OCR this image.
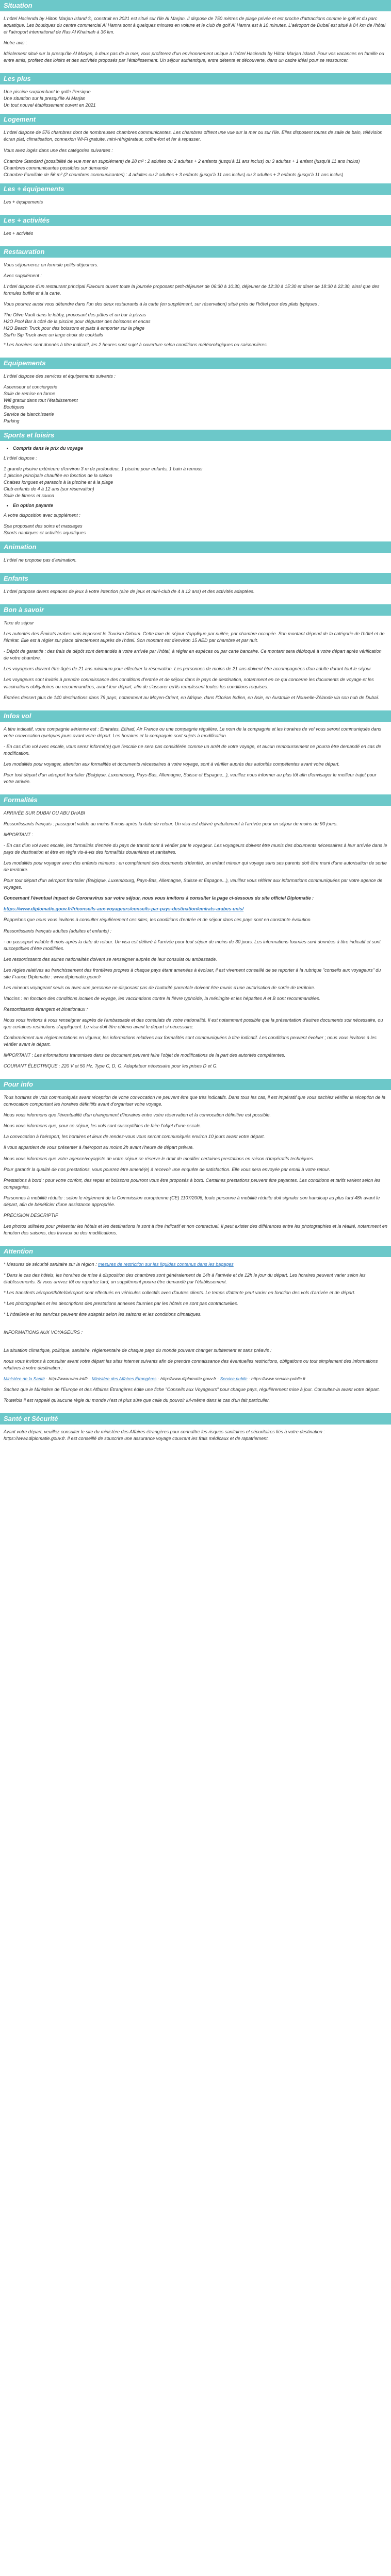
Situation

L'hôtel Hacienda by Hilton Marjan Island ®, construit en 2021 est situé sur l'île Al Marjan. Il dispose de 750 mètres de plage privée et est proche d'attractions comme le golf et du parc aquatique. Les boutiques du centre commercial Al Hamra sont à quelques minutes en voiture et le club de golf Al Hamra est à 10 minutes. L'aéroport de Dubaï est situé à 84 km de l'hôtel et l'aéroport international de Ras Al Khaimah à 36 km.

Notre avis :

Idéalement situé sur la presqu'île Al Marjan, à deux pas de la mer, vous profiterez d'un environnement unique à l'hôtel Hacienda by Hilton Marjan Island. Pour vos vacances en famille ou entre amis, profitez des loisirs et des activités proposés par l'établissement. Un séjour authentique, entre détente et découverte, dans un cadre idéal pour se ressourcer.

Les plus
Une piscine surplombant le golfe Persique
Une situation sur la presqu'île Al Marjan
Un tout nouvel établissement ouvert en 2021
Logement

L'hôtel dispose de 576 chambres dont de nombreuses chambres communicantes. Les chambres offrent une vue sur la mer ou sur l'île. Elles disposent toutes de salle de bain, télévision écran plat, climatisation, connexion Wi-Fi gratuite, mini-réfrigérateur, coffre-fort et fer à repasser.

Vous avez logés dans une des catégories suivantes :

Chambre Standard (possibilité de vue mer en supplément) de 28 m² : 2 adultes ou 2 adultes + 2 enfants (jusqu'à 11 ans inclus) ou 3 adultes + 1 enfant (jusqu'à 11 ans inclus)
Chambres communicantes possibles sur demande
Chambre Familiale de 56 m² (2 chambres communicantes) : 4 adultes ou 2 adultes + 3 enfants (jusqu'à 11 ans inclus) ou 3 adultes + 2 enfants (jusqu'à 11 ans inclus)
Les + équipements

Les + équipements

Les + activités

Les + activités

Restauration

Vous séjournerez en formule petits-déjeuners.

Avec supplément :

L'hôtel dispose d'un restaurant principal Flavours ouvert toute la journée proposant petit-déjeuner de 06:30 à 10:30, déjeuner de 12:30 à 15:30 et dîner de 18:30 à 22:30, ainsi que des formules buffet et à la carte.

Vous pourrez aussi vous détendre dans l'un des deux restaurants à la carte (en supplément, sur réservation) situé près de l'hôtel pour des plats typiques :

The Olive Vault dans le lobby, proposant des pâtes et un bar à pizzas
H2O Pool Bar à côté de la piscine pour déguster des boissons et encas
H2O Beach Truck pour des boissons et plats à emporter sur la plage
Surf'n Sip Truck avec un large choix de cocktails

* Les horaires sont donnés à titre indicatif, les 2 heures sont sujet à ouverture selon conditions météorologiques ou saisonnières.

Equipements

L'hôtel dispose des services et équipements suivants :

Ascenseur et conciergerie
Salle de remise en forme
Wifi gratuit dans tout l'établissement
Boutiques
Service de blanchisserie
Parking
Sports et loisirs
• Compris dans le prix du voyage

L'hôtel dispose :

1 grande piscine extérieure d'environ 3 m de profondeur, 1 piscine pour enfants, 1 bain à remous
1 piscine principale chauffée en fonction de la saison
Chaises longues et parasols à la piscine et à la plage
Club enfants de 4 à 12 ans (sur réservation)
Salle de fitness et sauna
• En option payante

A votre disposition avec supplément :

Spa proposant des soins et massages
Sports nautiques et activités aquatiques
Animation

L'hôtel ne propose pas d'animation.

Enfants

L'hôtel propose divers espaces de jeux à votre intention (aire de jeux et mini-club de 4 à 12 ans) et des activités adaptées.

Bon à savoir

Taxe de séjour

Les autorités des Émirats arabes unis imposent le Tourism Dirham. Cette taxe de séjour s'applique par nuitée, par chambre occupée. Son montant dépend de la catégorie de l'hôtel et de l'émirat. Elle est à régler sur place directement auprès de l'hôtel. Son montant est d'environ 15 AED par chambre et par nuit.

- Dépôt de garantie : des frais de dépôt sont demandés à votre arrivée par l'hôtel, à régler en espèces ou par carte bancaire. Ce montant sera débloqué à votre départ après vérification de votre chambre.

Les voyageurs doivent être âgés de 21 ans minimum pour effectuer la réservation. Les personnes de moins de 21 ans doivent être accompagnées d'un adulte durant tout le séjour.

Les voyageurs sont invités à prendre connaissance des conditions d'entrée et de séjour dans le pays de destination, notamment en ce qui concerne les documents de voyage et les vaccinations obligatoires ou recommandées, avant leur départ, afin de s'assurer qu'ils remplissent toutes les conditions requises.

Entrées dessert plus de 140 destinations dans 79 pays, notamment au Moyen-Orient, en Afrique, dans l'Océan Indien, en Asie, en Australie et Nouvelle-Zélande via son hub de Dubaï.

Infos vol

A titre indicatif, votre compagnie aérienne est : Emirates, Etihad, Air France ou une compagnie régulière. Le nom de la compagnie et les horaires de vol vous seront communiqués dans votre convocation quelques jours avant votre départ. Les horaires et la compagnie sont sujets à modification.

- En cas d'un vol avec escale, vous serez informé(e) que l'escale ne sera pas considérée comme un arrêt de votre voyage, et aucun remboursement ne pourra être demandé en cas de modification.

Les modalités pour voyager, attention aux formalités et documents nécessaires à votre voyage, sont à vérifier auprès des autorités compétentes avant votre départ.

Pour tout départ d'un aéroport frontalier (Belgique, Luxembourg, Pays-Bas, Allemagne, Suisse et Espagne...), veuillez nous informer au plus tôt afin d'envisager le meilleur trajet pour votre arrivée.

Formalités

ARRIVÉE SUR DUBAI OU ABU DHABI

Ressortissants français : passeport valide au moins 6 mois après la date de retour. Un visa est délivré gratuitement à l'arrivée pour un séjour de moins de 90 jours.

IMPORTANT :

- En cas d'un vol avec escale, les formalités d'entrée du pays de transit sont à vérifier par le voyageur. Les voyageurs doivent être munis des documents nécessaires à leur arrivée dans le pays de destination et être en règle vis-à-vis des formalités douanières et sanitaires.

Les modalités pour voyager avec des enfants mineurs : en complément des documents d'identité, un enfant mineur qui voyage sans ses parents doit être muni d'une autorisation de sortie de territoire.

Pour tout départ d'un aéroport frontalier (Belgique, Luxembourg, Pays-Bas, Allemagne, Suisse et Espagne...), veuillez vous référer aux informations communiquées par votre agence de voyages.

Concernant l'éventuel impact de Coronavirus sur votre séjour, nous vous invitons à consulter la page ci-dessous du site officiel Diplomatie :

https://www.diplomatie.gouv.fr/fr/conseils-aux-voyageurs/conseils-par-pays-destination/emirats-arabes-unis/

Rappelons que nous vous invitons à consulter régulièrement ces sites, les conditions d'entrée et de séjour dans ces pays sont en constante évolution.

Ressortissants français adultes (adultes et enfants) :

- un passeport valable 6 mois après la date de retour. Un visa est délivré à l'arrivée pour tout séjour de moins de 30 jours. Les informations fournies sont données à titre indicatif et sont susceptibles d'être modifiées.

Les ressortissants des autres nationalités doivent se renseigner auprès de leur consulat ou ambassade.

Les règles relatives au franchissement des frontières propres à chaque pays étant amenées à évoluer, il est vivement conseillé de se reporter à la rubrique "conseils aux voyageurs" du site France Diplomatie : www.diplomatie.gouv.fr

Les mineurs voyageant seuls ou avec une personne ne disposant pas de l'autorité parentale doivent être munis d'une autorisation de sortie de territoire.

Vaccins : en fonction des conditions locales de voyage, les vaccinations contre la fièvre typhoïde, la méningite et les hépatites A et B sont recommandées.

Ressortissants étrangers et binationaux :

Nous vous invitons à vous renseigner auprès de l'ambassade et des consulats de votre nationalité. Il est notamment possible que la présentation d'autres documents soit nécessaire, ou que certaines restrictions s'appliquent. Le visa doit être obtenu avant le départ si nécessaire.

Conformément aux réglementations en vigueur, les informations relatives aux formalités sont communiquées à titre indicatif. Les conditions peuvent évoluer ; nous vous invitons à les vérifier avant le départ.

IMPORTANT : Les informations transmises dans ce document peuvent faire l'objet de modifications de la part des autorités compétentes.

COURANT ÉLECTRIQUE : 220 V et 50 Hz. Type C, D, G. Adaptateur nécessaire pour les prises D et G.

Pour info

Tous horaires de vols communiqués avant réception de votre convocation ne peuvent être que très indicatifs. Dans tous les cas, il est impératif que vous sachiez vérifier la réception de la convocation comportant les horaires définitifs avant d'organiser votre voyage.

Nous vous informons que l'éventualité d'un changement d'horaires entre votre réservation et la convocation définitive est possible.

Nous vous informons que, pour ce séjour, les vols sont susceptibles de faire l'objet d'une escale.

La convocation à l'aéroport, les horaires et lieux de rendez-vous vous seront communiqués environ 10 jours avant votre départ.

Il vous appartient de vous présenter à l'aéroport au moins 2h avant l'heure de départ prévue.

Nous vous informons que votre agence/voyagiste de votre séjour se réserve le droit de modifier certaines prestations en raison d'impératifs techniques.

Pour garantir la qualité de nos prestations, vous pourrez être amené(e) à recevoir une enquête de satisfaction. Elle vous sera envoyée par email à votre retour.

Prestations à bord : pour votre confort, des repas et boissons pourront vous être proposés à bord. Certaines prestations peuvent être payantes. Les conditions et tarifs varient selon les compagnies.

Personnes à mobilité réduite : selon le règlement de la Commission européenne (CE) 1107/2006, toute personne à mobilité réduite doit signaler son handicap au plus tard 48h avant le départ, afin de bénéficier d'une assistance appropriée.

PRÉCISION DESCRIPTIF

Les photos utilisées pour présenter les hôtels et les destinations le sont à titre indicatif et non contractuel. Il peut exister des différences entre les photographies et la réalité, notamment en fonction des saisons, des travaux ou des modifications.

Attention

* Mesures de sécurité sanitaire sur la région : mesures de restriction sur les liquides contenus dans les bagages

* Dans le cas des hôtels, les horaires de mise à disposition des chambres sont généralement de 14h à l'arrivée et de 12h le jour du départ. Les horaires peuvent varier selon les établissements. Si vous arrivez tôt ou repartez tard, un supplément pourra être demandé par l'établissement.

* Les transferts aéroport/hôtel/aéroport sont effectués en véhicules collectifs avec d'autres clients. Le temps d'attente peut varier en fonction des vols d'arrivée et de départ.

* Les photographies et les descriptions des prestations annexes fournies par les hôtels ne sont pas contractuelles.

* L'hôtellerie et les services peuvent être adaptés selon les saisons et les conditions climatiques.

INFORMATIONS AUX VOYAGEURS :

La situation climatique, politique, sanitaire, réglementaire de chaque pays du monde pouvant changer subitement et sans préavis :

nous vous invitons à consulter avant votre départ les sites internet suivants afin de prendre connaissance des éventuelles restrictions, obligations ou tout simplement des informations relatives à votre destination :

Ministère de la Santé · http://www.who.int/fr · Ministère des Affaires Étrangères · http://www.diplomatie.gouv.fr · Service public · https://www.service-public.fr

Sachez que le Ministère de l'Europe et des Affaires Étrangères édite une fiche "Conseils aux Voyageurs" pour chaque pays, régulièrement mise à jour. Consultez-la avant votre départ.

Toutefois il est rappelé qu'aucune règle du monde n'est ni plus sûre que celle du pouvoir lui-même dans le cas d'un fait particulier.

Santé et Sécurité

Avant votre départ, veuillez consulter le site du ministère des Affaires étrangères pour connaître les risques sanitaires et sécuritaires liés à votre destination : https://www.diplomatie.gouv.fr. Il est conseillé de souscrire une assurance voyage couvrant les frais médicaux et de rapatriement.
